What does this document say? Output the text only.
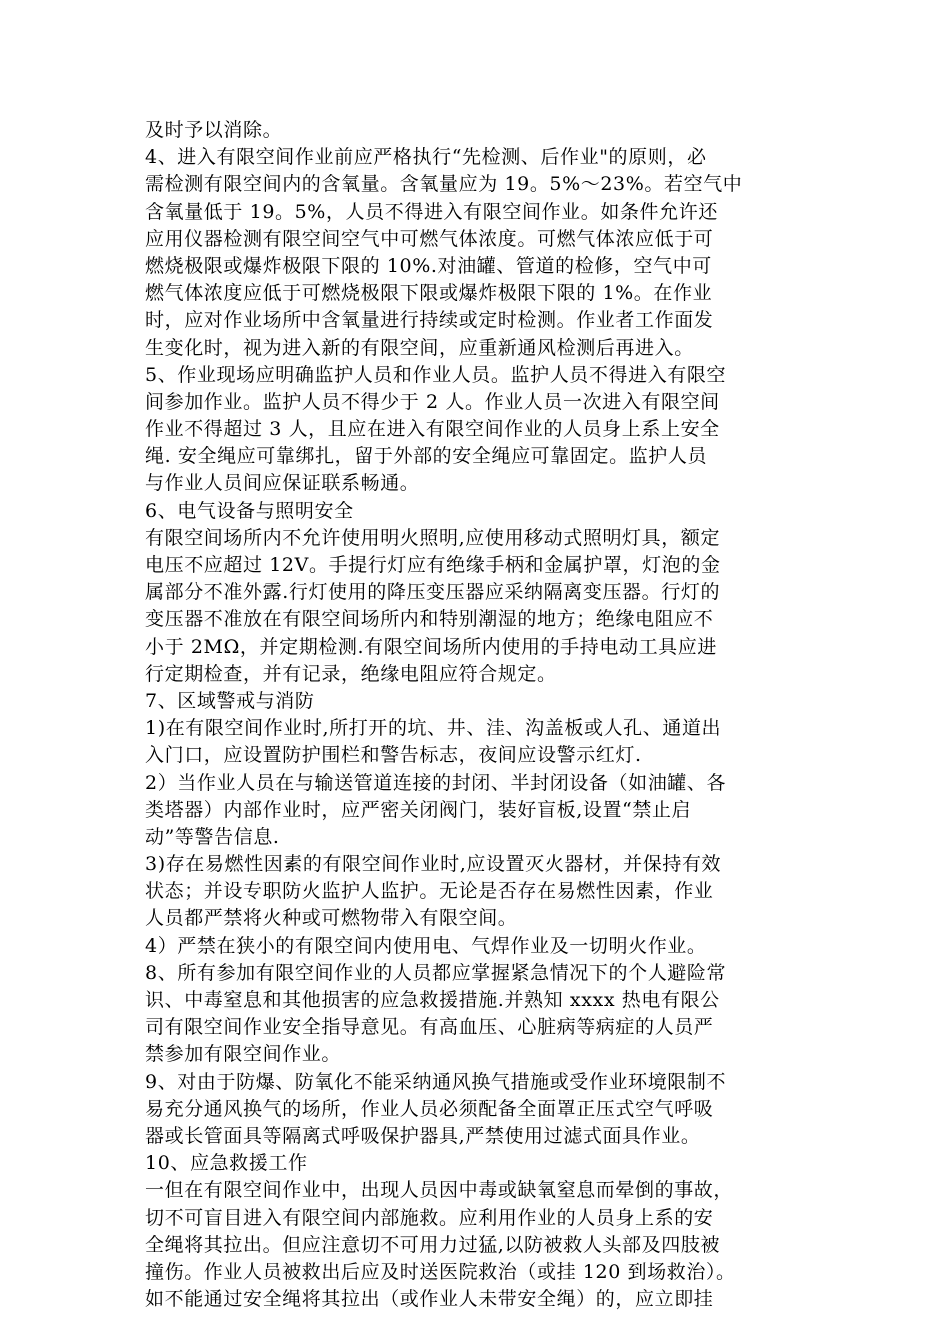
及时予以消除。
4、进入有限空间作业前应严格执行“先检测、后作业"的原则，必
需检测有限空间内的含氧量。含氧量应为 19。5%～23%。若空气中
含氧量低于 19。5%，人员不得进入有限空间作业。如条件允许还
应用仪器检测有限空间空气中可燃气体浓度。可燃气体浓应低于可
燃烧极限或爆炸极限下限的 10%.对油罐、管道的检修，空气中可
燃气体浓度应低于可燃烧极限下限或爆炸极限下限的 1%。在作业
时，应对作业场所中含氧量进行持续或定时检测。作业者工作面发
生变化时，视为进入新的有限空间，应重新通风检测后再进入。
5、作业现场应明确监护人员和作业人员。监护人员不得进入有限空
间参加作业。监护人员不得少于 2 人。作业人员一次进入有限空间
作业不得超过 3 人，且应在进入有限空间作业的人员身上系上安全
绳. 安全绳应可靠绑扎，留于外部的安全绳应可靠固定。监护人员
与作业人员间应保证联系畅通。
6、电气设备与照明安全
有限空间场所内不允许使用明火照明,应使用移动式照明灯具，额定
电压不应超过 12V。手提行灯应有绝缘手柄和金属护罩，灯泡的金
属部分不准外露.行灯使用的降压变压器应采纳隔离变压器。行灯的
变压器不准放在有限空间场所内和特别潮湿的地方；绝缘电阻应不
小于 2MΩ，并定期检测.有限空间场所内使用的手持电动工具应进
行定期检查，并有记录，绝缘电阻应符合规定。
7、区域警戒与消防
1)在有限空间作业时,所打开的坑、井、洼、沟盖板或人孔、通道出
入门口，应设置防护围栏和警告标志，夜间应设警示红灯.
2）当作业人员在与输送管道连接的封闭、半封闭设备（如油罐、各
类塔器）内部作业时，应严密关闭阀门，装好盲板,设置“禁止启
动”等警告信息.
3)存在易燃性因素的有限空间作业时,应设置灭火器材，并保持有效
状态；并设专职防火监护人监护。无论是否存在易燃性因素，作业
人员都严禁将火种或可燃物带入有限空间。
4）严禁在狭小的有限空间内使用电、气焊作业及一切明火作业。
8、所有参加有限空间作业的人员都应掌握紧急情况下的个人避险常
识、中毒窒息和其他损害的应急救援措施.并熟知 xxxx 热电有限公
司有限空间作业安全指导意见。有高血压、心脏病等病症的人员严
禁参加有限空间作业。
9、对由于防爆、防氧化不能采纳通风换气措施或受作业环境限制不
易充分通风换气的场所，作业人员必须配备全面罩正压式空气呼吸
器或长管面具等隔离式呼吸保护器具,严禁使用过滤式面具作业。
10、应急救援工作
一但在有限空间作业中，出现人员因中毒或缺氧窒息而晕倒的事故，
切不可盲目进入有限空间内部施救。应利用作业的人员身上系的安
全绳将其拉出。但应注意切不可用力过猛,以防被救人头部及四肢被
撞伤。作业人员被救出后应及时送医院救治（或挂 120 到场救治）。
如不能通过安全绳将其拉出（或作业人未带安全绳）的，应立即挂
